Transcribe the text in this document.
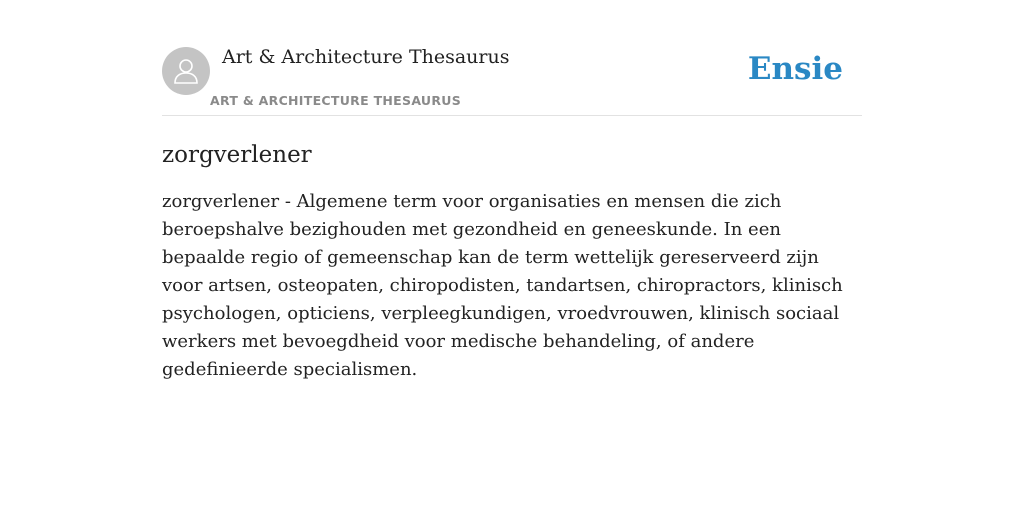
Art & Architecture Thesaurus
ART & ARCHITECTURE THESAURUS
Ensie
zorgverlener

zorgverlener - Algemene term voor organisaties en mensen die zich beroepshalve bezighouden met gezondheid en geneeskunde. In een bepaalde regio of gemeenschap kan de term wettelijk gereserveerd zijn voor artsen, osteopaten, chiropodisten, tandartsen, chiropractors, klinisch psychologen, opticiens, verpleegkundigen, vroedvrouwen, klinisch sociaal werkers met bevoegdheid voor medische behandeling, of andere gedefinieerde specialismen.
